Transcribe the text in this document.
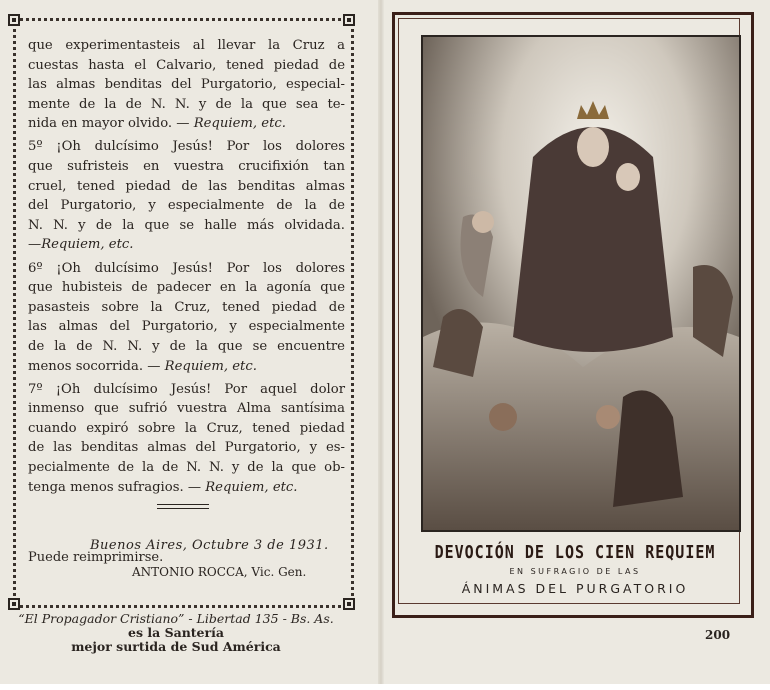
que experimentasteis al llevar la Cruz a
cuestas hasta el Calvario, tened piedad de
las almas benditas del Purgatorio, especial-
mente de la de N. N. y de la que sea te-
nida en mayor olvido. — Requiem, etc.
5º ¡Oh dulcísimo Jesús! Por los dolores
que sufristeis en vuestra crucifixión tan
cruel, tened piedad de las benditas almas
del Purgatorio, y especialmente de la de
N. N. y de la que se halle más olvidada.
—Requiem, etc.
6º ¡Oh dulcísimo Jesús! Por los dolores
que hubisteis de padecer en la agonía que
pasasteis sobre la Cruz, tened piedad de
las almas del Purgatorio, y especialmente
de la de N. N. y de la que se encuentre
menos socorrida. — Requiem, etc.
7º ¡Oh dulcísimo Jesús! Por aquel dolor
inmenso que sufrió vuestra Alma santísima
cuando expiró sobre la Cruz, tened piedad
de las benditas almas del Purgatorio, y es-
pecialmente de la de N. N. y de la que ob-
tenga menos sufragios. — Requiem, etc.
Buenos Aires, Octubre 3 de 1931.
Puede reimprimirse.
ANTONIO ROCCA, Vic. Gen.
“El Propagador Cristiano” - Libertad 135 - Bs. As.
es la Santería
mejor surtida de Sud América
DEVOCIÓN DE LOS CIEN REQUIEM
EN SUFRAGIO DE LAS
ÁNIMAS DEL PURGATORIO
200
